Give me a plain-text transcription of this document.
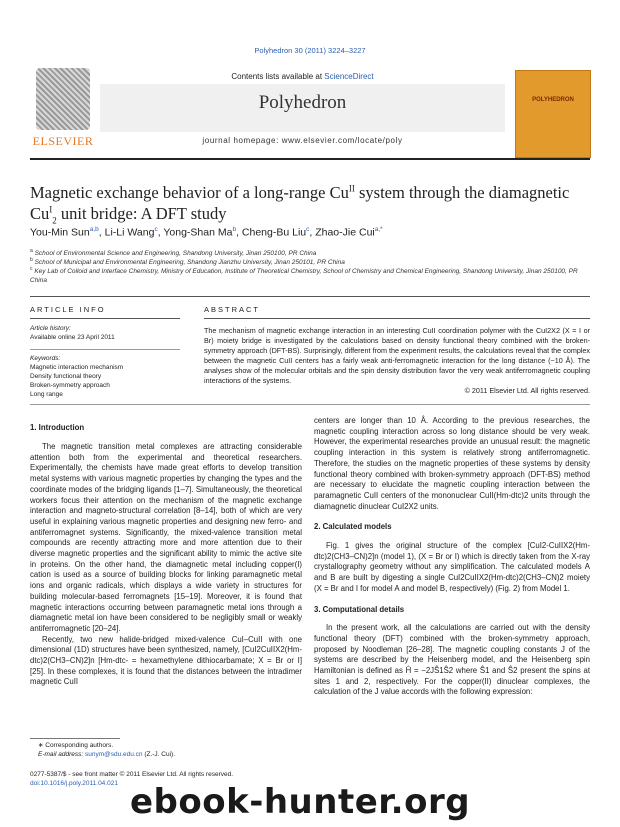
Polyhedron 30 (2011) 3224–3227
ELSEVIER
Contents lists available at ScienceDirect
Polyhedron
journal homepage: www.elsevier.com/locate/poly
POLYHEDRON
Magnetic exchange behavior of a long-range $Cu^{II}$ system through the diamagnetic
$Cu^I_2$ unit bridge: A DFT study
You-Min Sun$^{a,b}$, Li-Li Wang$^c$, Yong-Shan Ma$^b$, Cheng-Bu Liu$^c$, Zhao-Jie Cui$^{a,*}$
$^a$ School of Environmental Science and Engineering, Shandong University, Jinan 250100, PR China
$^b$ School of Municipal and Environmental Engineering, Shandong Jianzhu University, Jinan 250101, PR China
$^c$ Key Lab of Colloid and Interface Chemistry, Ministry of Education, Institute of Theoretical Chemistry, School of Chemistry and Chemical Engineering, Shandong University, Jinan 250100, PR China
ARTICLE INFO	ABSTRACT
Article history:
Available online 23 April 2011
Keywords:
Magnetic interaction mechanism
Density functional theory
Broken-symmetry approach
Long range
The mechanism of magnetic exchange interaction in an interesting CuII coordination polymer with the CuI2X2 (X = I or Br) moiety bridge is investigated by the calculations based on density functional theory combined with the broken-symmetry approach (DFT-BS). Surprisingly, different from the experiment results, the calculations reveal that the complex between the magnetic CuII centers has a fairly weak anti-ferromagnetic interaction for the long distance (~10 Å). The analyses show of the molecular orbitals and the spin density distribution favor the very weak antiferromagnetic coupling interactions of the systems.
© 2011 Elsevier Ltd. All rights reserved.
1. Introduction

The magnetic transition metal complexes are attracting considerable attention both from the experimental and theoretical researchers. Experimentally, the chemists have made great efforts to develop transition metal systems with various magnetic properties by changing the types and the coordinate modes of the bridging ligands [1–7]. Simultaneously, the theoretical workers focus their attention on the mechanism of the magnetic exchange interaction and magneto-structural correlation [8–14], both of which are very useful in explaining various magnetic properties and designing new ferro- and antiferromagnet systems. Significantly, the mixed-valence transition metal compounds are recently attracting more and more attention due to their diverse magnetic properties and the significant ability to mimic the active site in proteins. On the other hand, the diamagnetic metal including copper(I) cation is used as a source of building blocks for linking paramagnetic metal ions and organic radicals, which displays a wide variety in structures for building molecular-based ferromagnets [15–19]. Moreover, it is found that magnetic interactions occurring between paramagnetic metal ions through a diamagnetic metal ion have been considered to be negligibly small or weakly antiferromagnetic [20–24].

Recently, two new halide-bridged mixed-valence CuI–CuII with one dimensional (1D) structures have been synthesized, namely, [CuI2CuIIX2(Hm-dtc)2(CH3–CN)2]n [Hm-dtc- = hexamethylene dithiocarbamate; X = Br or I] [25]. In these complexes, it is found that the distances between the intradimer magnetic CuII

centers are longer than 10 Å. According to the previous researches, the magnetic coupling interaction across so long distance should be very weak. However, the experimental researches provide an unusual result: the magnetic coupling interaction in this system is relatively strong antiferromagnetic. Therefore, the studies on the magnetic properties of these systems by density functional theory combined with broken-symmetry approach (DFT-BS) method are necessary to elucidate the magnetic coupling interaction between the paramagnetic CuII centers of the mononuclear CuII(Hm-dtc)2 units through the diamagnetic dinuclear CuI2X2 units.

2. Calculated models

Fig. 1 gives the original structure of the complex [CuI2-CuIIX2(Hm-dtc)2(CH3–CN)2]n (model 1), (X = Br or I) which is directly taken from the X-ray crystallography geometry without any simplification. The calculated models A and B are built by digesting a single CuI2CuIIX2(Hm-dtc)2(CH3–CN)2 moiety (X = Br and I for model A and model B, respectively) (Fig. 2) from Model 1.

3. Computational details

In the present work, all the calculations are carried out with the density functional theory (DFT) combined with the broken-symmetry approach, proposed by Noodleman [26–28]. The magnetic coupling constants J of the systems are described by the Heisenberg model, and the Heisenberg spin Hamiltonian is defined as Ĥ = −2JŜ1Ŝ2 where Ŝ1 and Ŝ2 present the spins at sites 1 and 2, respectively. For the copper(II) dinuclear complexes, the calculation of the J value accords with the following expression:

∗ Corresponding authors.
E-mail address: sunym@sdu.edu.cn (Z.-J. Cui).
0277-5387/$ - see front matter © 2011 Elsevier Ltd. All rights reserved.
doi:10.1016/j.poly.2011.04.021 ebook-hunter.org
